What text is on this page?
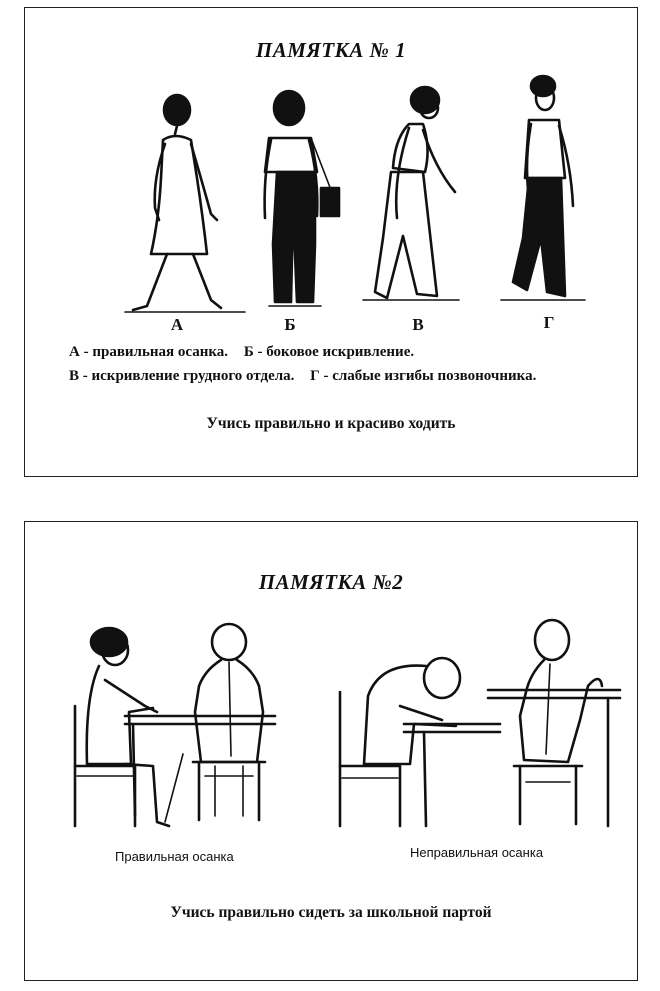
ПАМЯТКА № 1
А	Б	В	Г
А - правильная осанка. Б - боковое искривление.
В - искривление грудного отдела. Г - слабые изгибы позвоночника.
Учись правильно и красиво ходить
ПАМЯТКА №2
Правильная осанка	Неправильная осанка
Учись правильно сидеть за школьной партой
